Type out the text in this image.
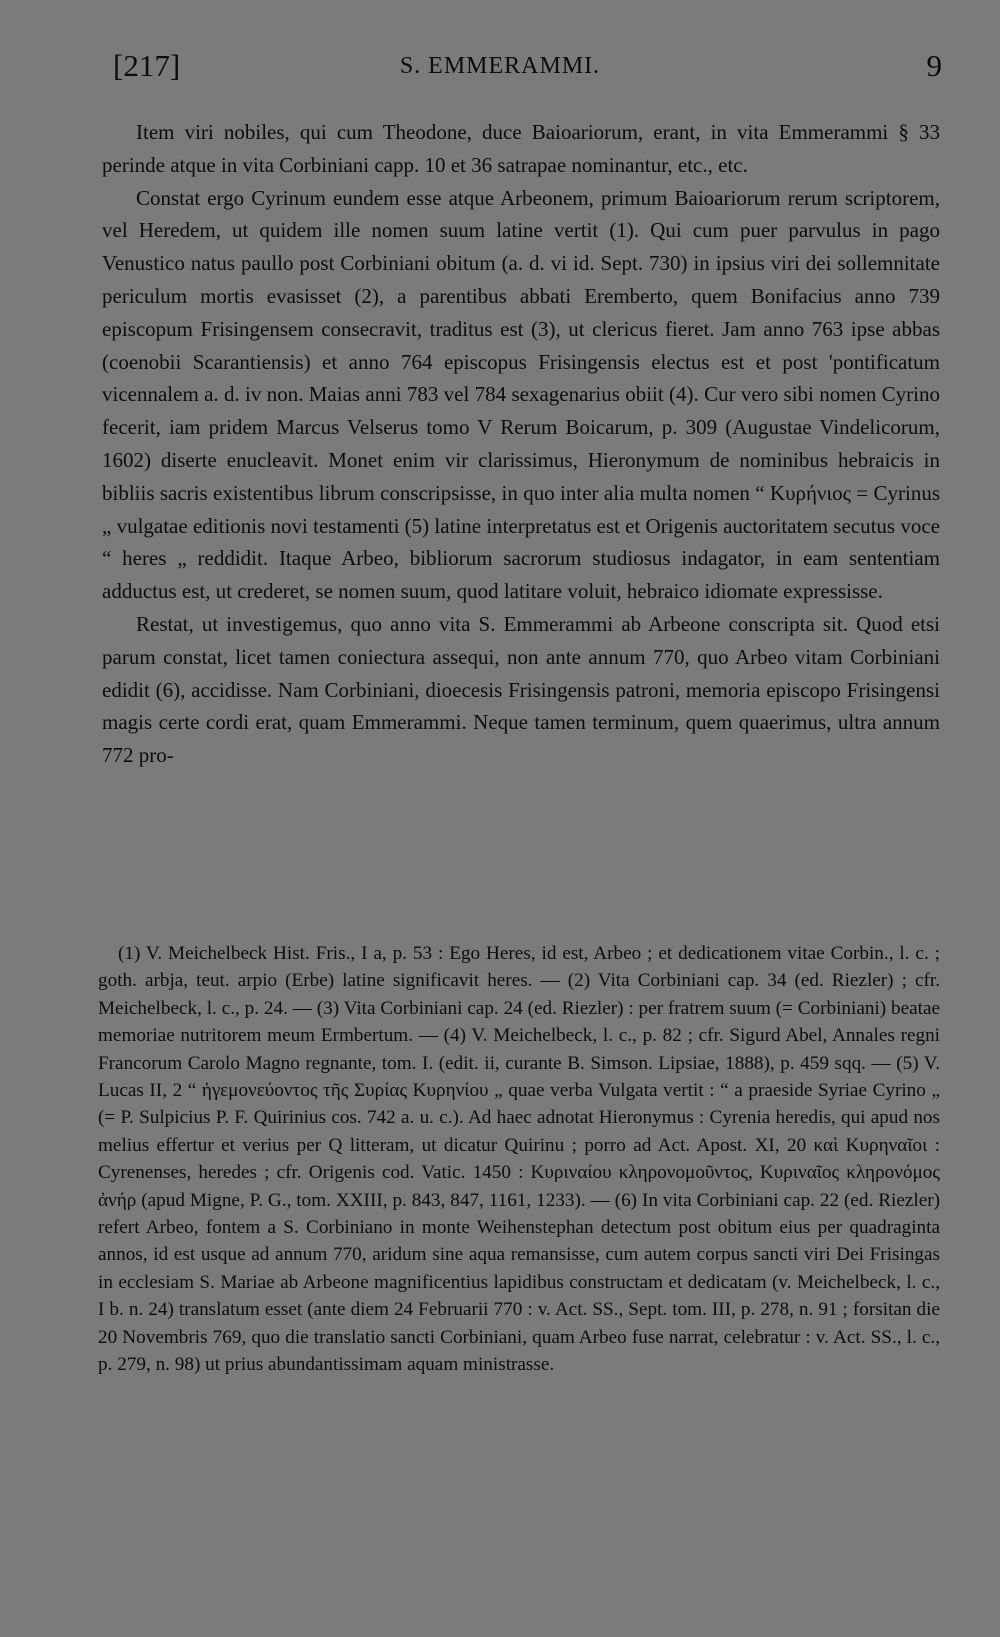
[217]	S. EMMERAMMI.	9

Item viri nobiles, qui cum Theodone, duce Baioariorum, erant, in vita Emmerammi § 33 perinde atque in vita Corbiniani capp. 10 et 36 satrapae nominantur, etc., etc.

Constat ergo Cyrinum eundem esse atque Arbeonem, primum Baioariorum rerum scriptorem, vel Heredem, ut quidem ille nomen suum latine vertit (1). Qui cum puer parvulus in pago Venustico natus paullo post Corbiniani obitum (a. d. vi id. Sept. 730) in ipsius viri dei sollemnitate periculum mortis evasisset (2), a parentibus abbati Eremberto, quem Bonifacius anno 739 episcopum Frisingensem consecravit, traditus est (3), ut clericus fieret. Jam anno 763 ipse abbas (coenobii Scarantiensis) et anno 764 episcopus Frisingensis electus est et post 'pontificatum vicennalem a. d. iv non. Maias anni 783 vel 784 sexagenarius obiit (4). Cur vero sibi nomen Cyrino fecerit, iam pridem Marcus Velserus tomo V Rerum Boicarum, p. 309 (Augustae Vindelicorum, 1602) diserte enucleavit. Monet enim vir clarissimus, Hieronymum de nominibus hebraicis in bibliis sacris existentibus librum conscripsisse, in quo inter alia multa nomen “ Κυρήνιος = Cyrinus „ vulgatae editionis novi testamenti (5) latine interpretatus est et Origenis auctoritatem secutus voce “ heres „ reddidit. Itaque Arbeo, bibliorum sacrorum studiosus indagator, in eam sententiam adductus est, ut crederet, se nomen suum, quod latitare voluit, hebraico idiomate expressisse.

Restat, ut investigemus, quo anno vita S. Emmerammi ab Arbeone conscripta sit. Quod etsi parum constat, licet tamen coniectura assequi, non ante annum 770, quo Arbeo vitam Corbiniani edidit (6), accidisse. Nam Corbiniani, dioecesis Frisingensis patroni, memoria episcopo Frisingensi magis certe cordi erat, quam Emmerammi. Neque tamen terminum, quem quaerimus, ultra annum 772 pro-

(1) V. Meichelbeck Hist. Fris., I a, p. 53 : Ego Heres, id est, Arbeo ; et dedicationem vitae Corbin., l. c. ; goth. arbja, teut. arpio (Erbe) latine significavit heres. — (2) Vita Corbiniani cap. 34 (ed. Riezler) ; cfr. Meichelbeck, l. c., p. 24. — (3) Vita Corbiniani cap. 24 (ed. Riezler) : per fratrem suum (= Corbiniani) beatae memoriae nutritorem meum Ermbertum. — (4) V. Meichelbeck, l. c., p. 82 ; cfr. Sigurd Abel, Annales regni Francorum Carolo Magno regnante, tom. I. (edit. ii, curante B. Simson. Lipsiae, 1888), p. 459 sqq. — (5) V. Lucas II, 2 “ ἡγεμονεύοντος τῆς Συρίας Κυρηνίου „ quae verba Vulgata vertit : “ a praeside Syriae Cyrino „ (= P. Sulpicius P. F. Quirinius cos. 742 a. u. c.). Ad haec adnotat Hieronymus : Cyrenia heredis, qui apud nos melius effertur et verius per Q litteram, ut dicatur Quirinu ; porro ad Act. Apost. XI, 20 καὶ Κυρηναῖοι : Cyrenenses, heredes ; cfr. Origenis cod. Vatic. 1450 : Κυριναίου κληρονομοῦντος, Κυριναῖος κληρονόμος ἀνήρ (apud Migne, P. G., tom. XXIII, p. 843, 847, 1161, 1233). — (6) In vita Corbiniani cap. 22 (ed. Riezler) refert Arbeo, fontem a S. Corbiniano in monte Weihenstephan detectum post obitum eius per quadraginta annos, id est usque ad annum 770, aridum sine aqua remansisse, cum autem corpus sancti viri Dei Frisingas in ecclesiam S. Mariae ab Arbeone magnificentius lapidibus constructam et dedicatam (v. Meichelbeck, l. c., I b. n. 24) translatum esset (ante diem 24 Februarii 770 : v. Act. SS., Sept. tom. III, p. 278, n. 91 ; forsitan die 20 Novembris 769, quo die translatio sancti Corbiniani, quam Arbeo fuse narrat, celebratur : v. Act. SS., l. c., p. 279, n. 98) ut prius abundantissimam aquam ministrasse.
